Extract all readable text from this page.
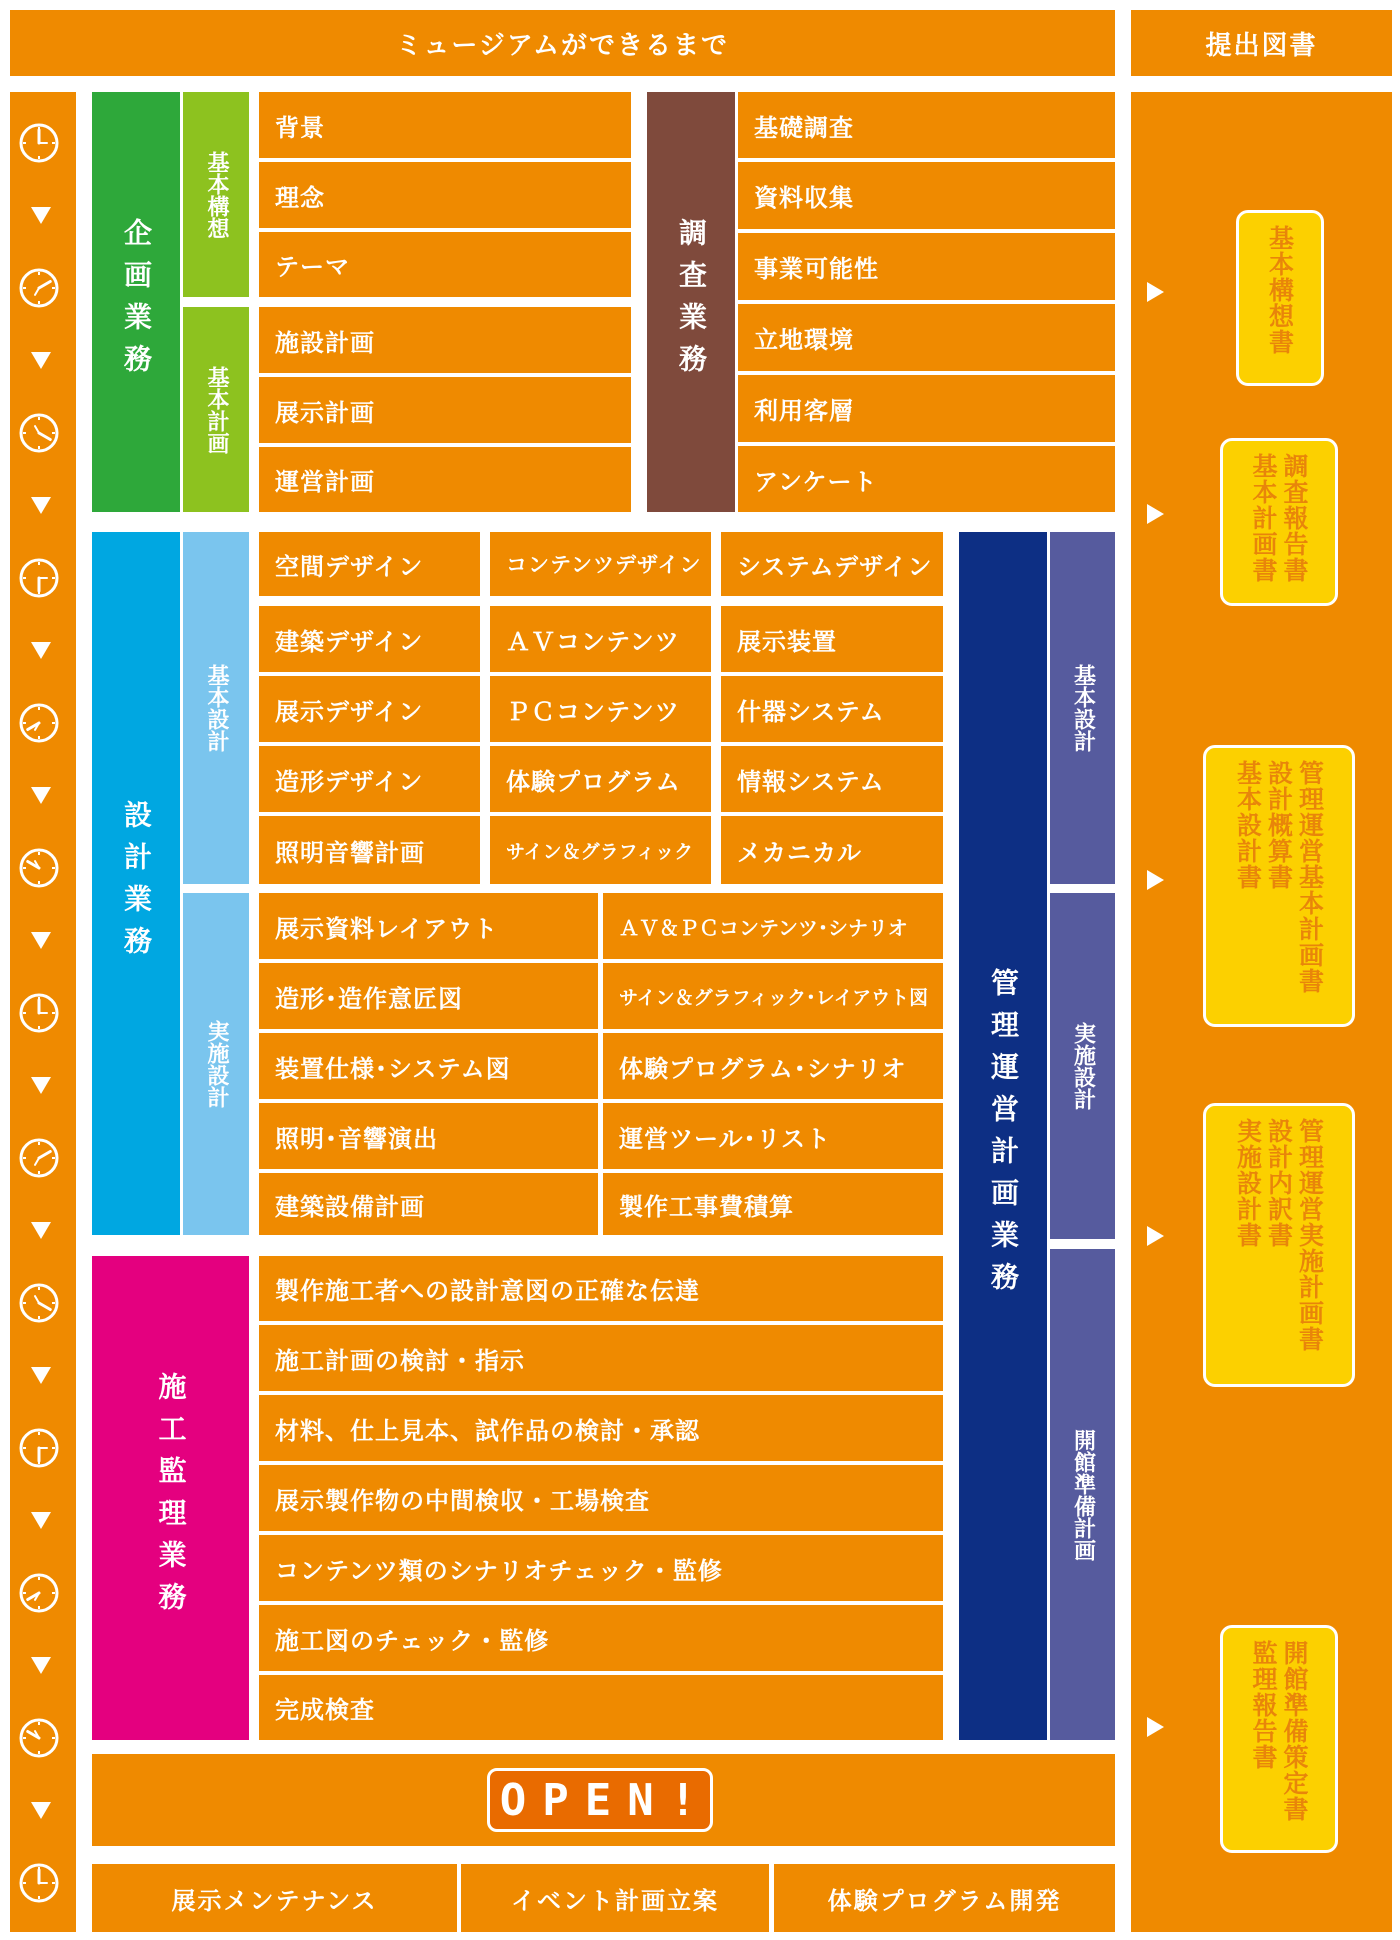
ミュージアムができるまで	提出図書
基本構想書
調査報告書
基本計画書
管理運営基本計画書
設計概算書
基本設計書
管理運営実施計画書
設計内訳書
実施設計書
開館準備策定書
監理報告書
企画業務
基本構想
基本計画
背景
理念
テーマ
施設計画
展示計画
運営計画
調査業務
基礎調査
資料収集
事業可能性
立地環境
利用客層
アンケート
設計業務
基本設計
実施設計
空間デザイン	コンテンツデザイン	システムデザイン
建築デザイン
展示デザイン
造形デザイン
照明音響計画
ＡＶコンテンツ
ＰＣコンテンツ
体験プログラム
サイン＆グラフィック
展示装置
什器システム
情報システム
メカニカル
展示資料レイアウト
造形･造作意匠図
装置仕様･システム図
照明･音響演出
建築設備計画
ＡＶ＆ＰＣコンテンツ･シナリオ
サイン＆グラフィック･レイアウト図
体験プログラム･シナリオ
運営ツール･リスト
製作工事費積算
施工監理業務
製作施工者への設計意図の正確な伝達
施工計画の検討・指示
材料、仕上見本、試作品の検討・承認
展示製作物の中間検収・工場検査
コンテンツ類のシナリオチェック・監修
施工図のチェック・監修
完成検査
管理運営計画業務
基本設計
実施設計
開館準備計画
OPEN!
展示メンテナンス	イベント計画立案	体験プログラム開発
